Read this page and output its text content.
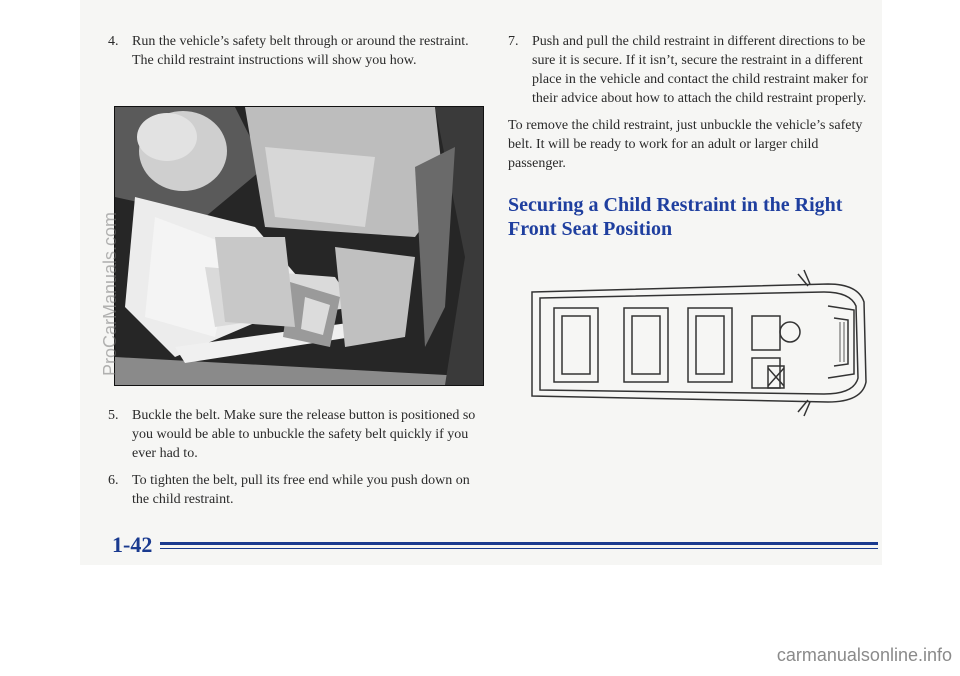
4. Run the vehicle’s safety belt through or around the restraint. The child restraint instructions will show you how.

5. Buckle the belt. Make sure the release button is positioned so you would be able to unbuckle the safety belt quickly if you ever had to.

6. To tighten the belt, pull its free end while you push down on the child restraint.

7. Push and pull the child restraint in different directions to be sure it is secure. If it isn’t, secure the restraint in a different place in the vehicle and contact the child restraint maker for their advice about how to attach the child restraint properly.

To remove the child restraint, just unbuckle the vehicle’s safety belt. It will be ready to work for an adult or larger child passenger.

Securing a Child Restraint in the Right Front Seat Position
1-42
ProCarManuals.com
carmanualsonline.info
